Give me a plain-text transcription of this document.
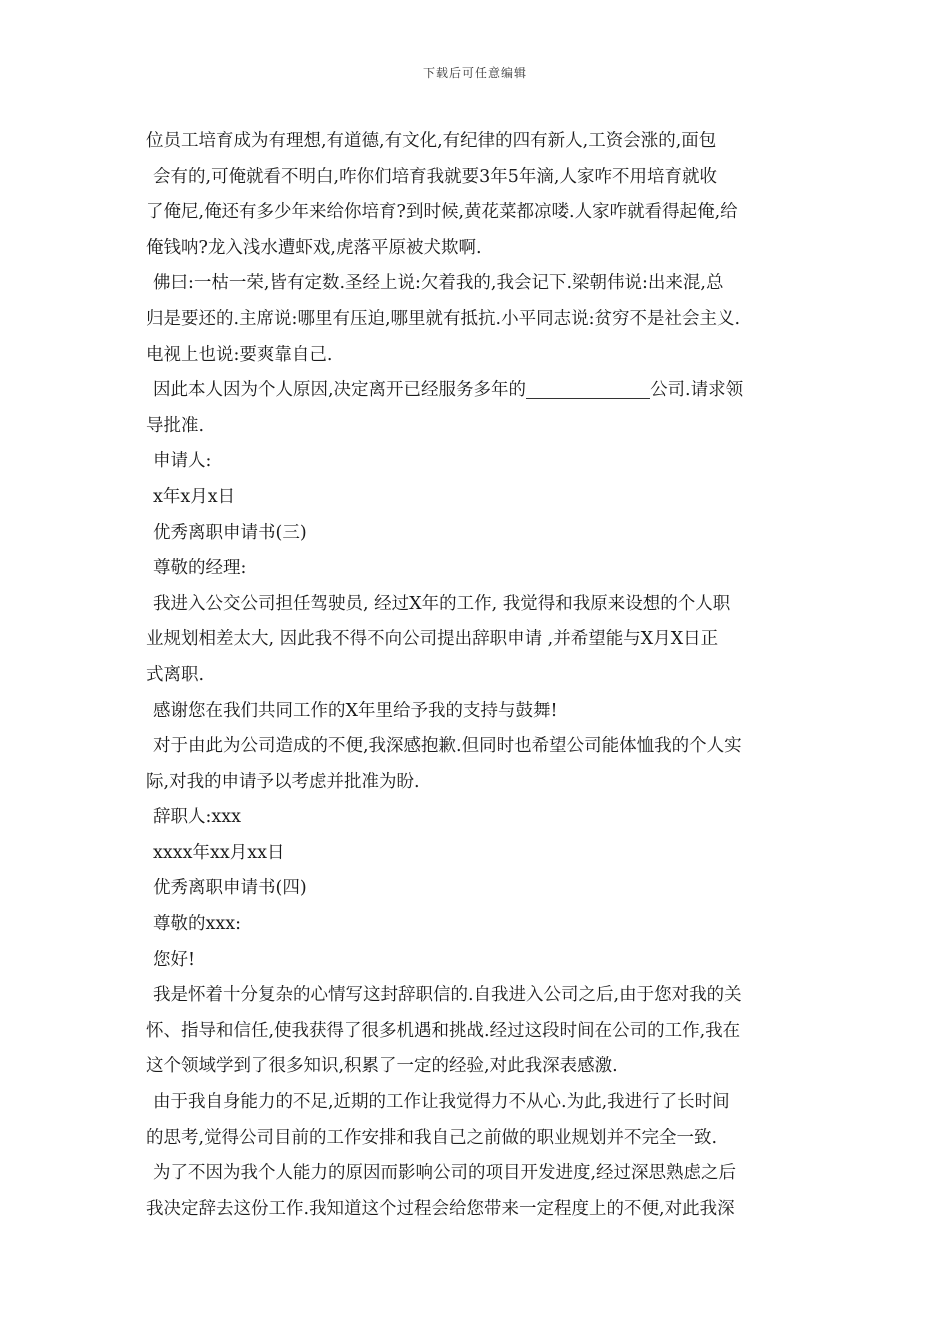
下载后可任意编辑
位员工培育成为有理想,有道德,有文化,有纪律的四有新人,工资会涨的,面包
会有的,可俺就看不明白,咋你们培育我就要3年5年滴,人家咋不用培育就收
了俺尼,俺还有多少年来给你培育?到时候,黄花菜都凉喽.人家咋就看得起俺,给
俺钱呐?龙入浅水遭虾戏,虎落平原被犬欺啊.
佛曰:一枯一荣,皆有定数.圣经上说:欠着我的,我会记下.梁朝伟说:出来混,总
归是要还的.主席说:哪里有压迫,哪里就有抵抗.小平同志说:贫穷不是社会主义.
电视上也说:要爽靠自己.
因此本人因为个人原因,决定离开已经服务多年的	公司.请求领
导批准.
申请人:
x年x月x日
优秀离职申请书(三)
尊敬的经理:
我进入公交公司担任驾驶员, 经过X年的工作, 我觉得和我原来设想的个人职
业规划相差太大, 因此我不得不向公司提出辞职申请 ,并希望能与X月X日正
式离职.
感谢您在我们共同工作的X年里给予我的支持与鼓舞!
对于由此为公司造成的不便,我深感抱歉.但同时也希望公司能体恤我的个人实
际,对我的申请予以考虑并批准为盼.
辞职人:xxx
xxxx年xx月xx日
优秀离职申请书(四)
尊敬的xxx:
您好!
我是怀着十分复杂的心情写这封辞职信的.自我进入公司之后,由于您对我的关
怀、指导和信任,使我获得了很多机遇和挑战.经过这段时间在公司的工作,我在
这个领域学到了很多知识,积累了一定的经验,对此我深表感激.
由于我自身能力的不足,近期的工作让我觉得力不从心.为此,我进行了长时间
的思考,觉得公司目前的工作安排和我自己之前做的职业规划并不完全一致.
为了不因为我个人能力的原因而影响公司的项目开发进度,经过深思熟虑之后
我决定辞去这份工作.我知道这个过程会给您带来一定程度上的不便,对此我深
